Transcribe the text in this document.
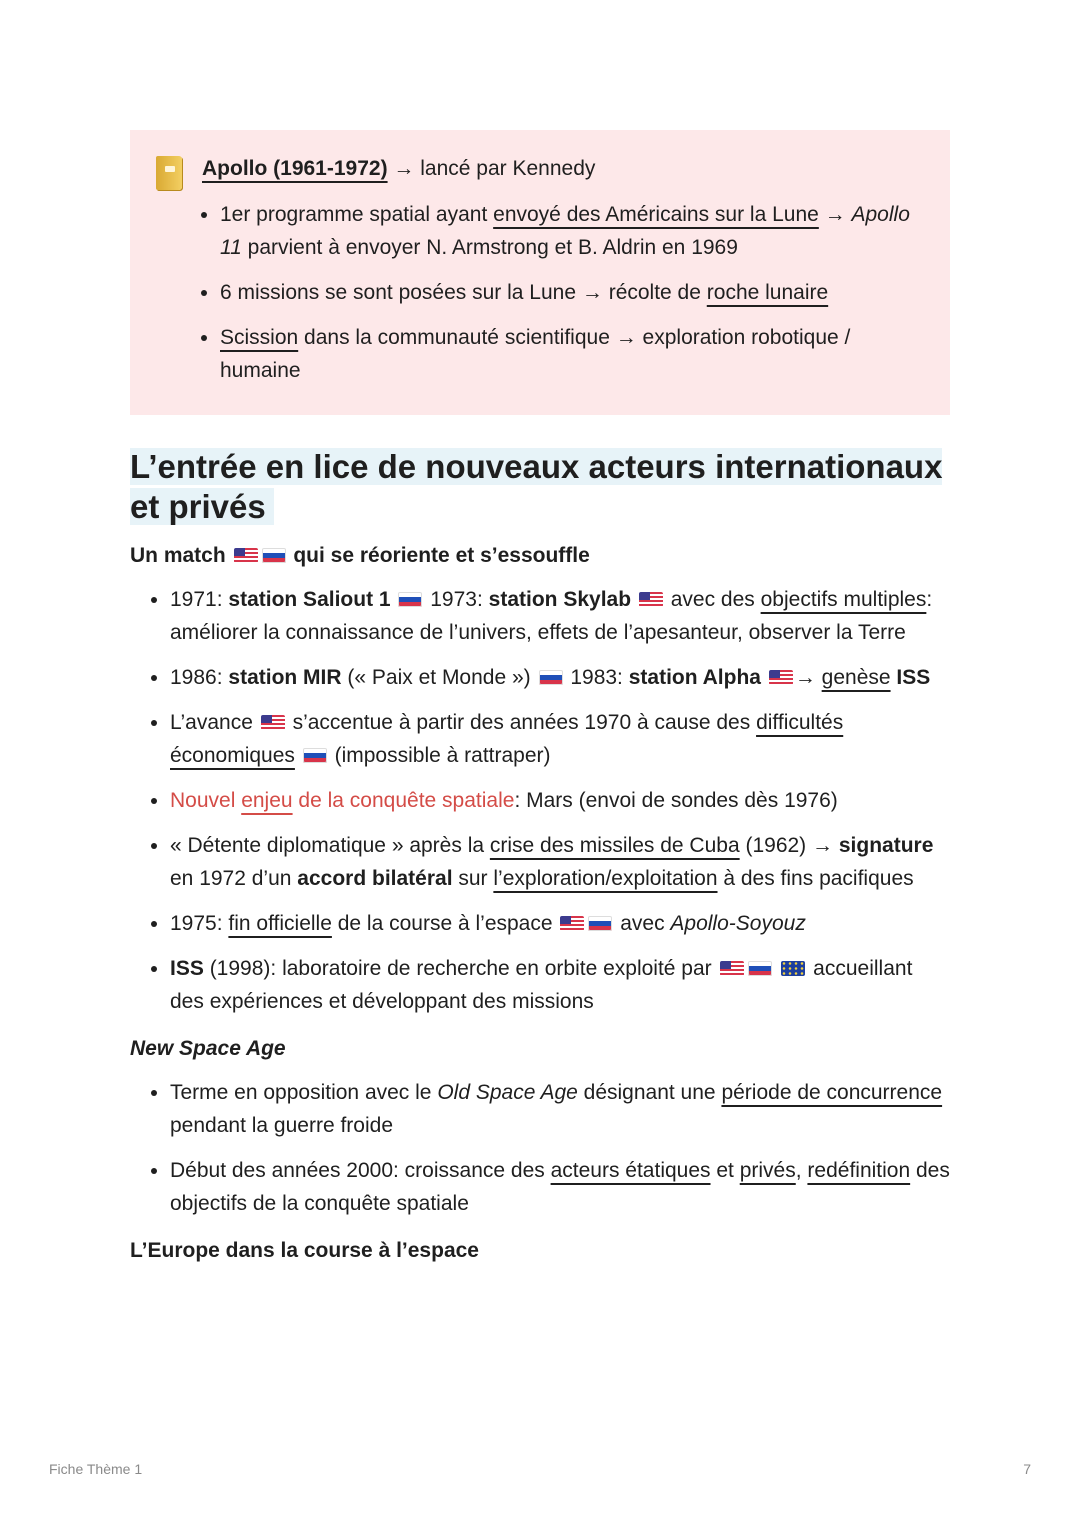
Apollo (1961-1972) → lancé par Kennedy
• 1er programme spatial ayant envoyé des Américains sur la Lune → Apollo 11 parvient à envoyer N. Armstrong et B. Aldrin en 1969
• 6 missions se sont posées sur la Lune → récolte de roche lunaire
• Scission dans la communauté scientifique → exploration robotique / humaine
L’entrée en lice de nouveaux acteurs internationaux et privés
Un match	qui se réoriente et s’essouffle
• 1971: station Saliout 1  1973: station Skylab  avec des objectifs multiples: améliorer la connaissance de l’univers, effets de l’apesanteur, observer la Terre
• 1986: station MIR (« Paix et Monde »)  1983: station Alpha → genèse ISS
• L’avance  s’accentue à partir des années 1970 à cause des difficultés économiques  (impossible à rattraper)
• Nouvel enjeu de la conquête spatiale: Mars (envoi de sondes dès 1976)
• « Détente diplomatique » après la crise des missiles de Cuba (1962) → signature en 1972 d’un accord bilatéral sur l’exploration/exploitation à des fins pacifiques
• 1975: fin officielle de la course à l’espace	avec Apollo-Soyouz
• ISS (1998): laboratoire de recherche en orbite exploité par	accueillant des expériences et développant des missions
New Space Age
• Terme en opposition avec le Old Space Age désignant une période de concurrence pendant la guerre froide
• Début des années 2000: croissance des acteurs étatiques et privés, redéfinition des objectifs de la conquête spatiale
L’Europe dans la course à l’espace
Fiche Thème 1	7
